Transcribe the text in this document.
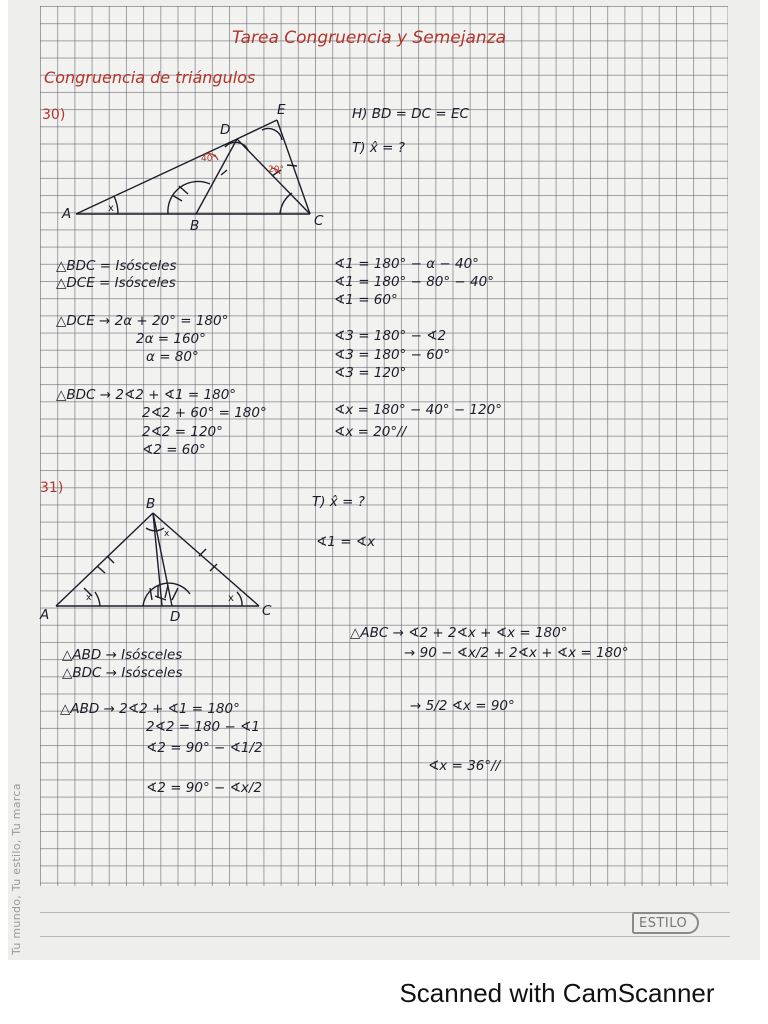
Tu mundo, Tu estilo, Tu marca	ESTILO
Tarea Congruencia y Semejanza
Congruencia de triángulos
30)
A
B	C
D
E
x
40°
20°
H) BD = DC = EC
T) x̂ = ?
△BDC = Isósceles
△DCE = Isósceles
△DCE → 2α + 20° = 180°
2α = 160°
α = 80°
△BDC → 2∢2 + ∢1 = 180°
2∢2 + 60° = 180°
2∢2 = 120°
∢2 = 60°
∢1 = 180° − α − 40°
∢1 = 180° − 80° − 40°
∢1 = 60°
∢3 = 180° − ∢2
∢3 = 180° − 60°
∢3 = 120°
∢x = 180° − 40° − 120°
∢x = 20°//
31)
A
B
C
D
x
x
x
T) x̂ = ?
∢1 = ∢x
△ABD → Isósceles
△BDC → Isósceles
△ABD → 2∢2 + ∢1 = 180°
2∢2 = 180 − ∢1
∢2 = 90° − ∢1/2
∢2 = 90° − ∢x/2
△ABC → ∢2 + 2∢x + ∢x = 180°
→ 90 − ∢x/2 + 2∢x + ∢x = 180°
→ 5/2 ∢x = 90°
∢x = 36°//
Scanned with CamScanner
